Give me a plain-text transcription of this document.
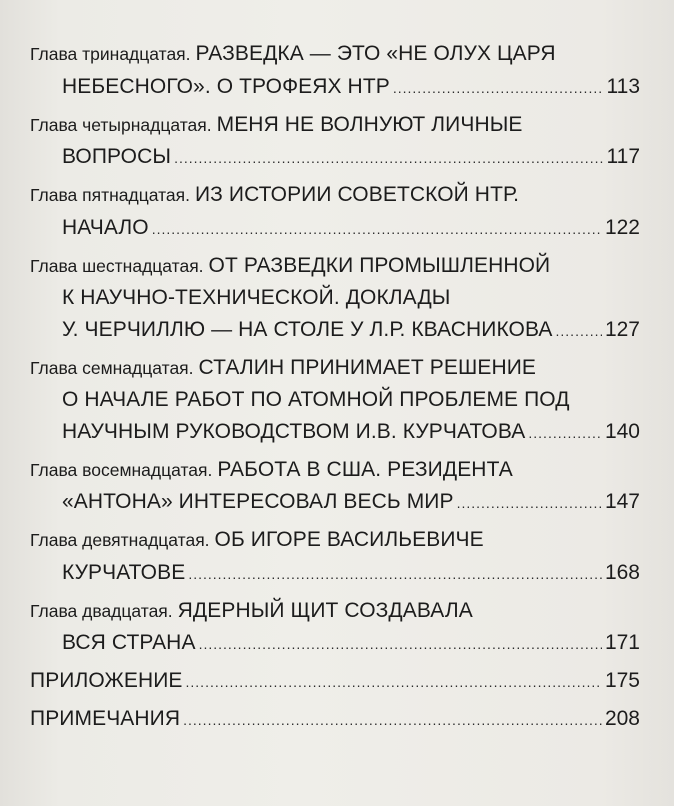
Глава тринадцатая. РАЗВЕДКА — ЭТО «НЕ ОЛУХ ЦАРЯ
НЕБЕСНОГО». О ТРОФЕЯХ НТР .....	113
Глава четырнадцатая. МЕНЯ НЕ ВОЛНУЮТ ЛИЧНЫЕ
ВОПРОСЫ .....	117
Глава пятнадцатая. ИЗ ИСТОРИИ СОВЕТСКОЙ НТР.
НАЧАЛО .....	122
Глава шестнадцатая. ОТ РАЗВЕДКИ ПРОМЫШЛЕННОЙ
К НАУЧНО-ТЕХНИЧЕСКОЙ. ДОКЛАДЫ
У. ЧЕРЧИЛЛЮ — НА СТОЛЕ У Л.Р. КВАСНИКОВА ..... 127
Глава семнадцатая. СТАЛИН ПРИНИМАЕТ РЕШЕНИЕ
О НАЧАЛЕ РАБОТ ПО АТОМНОЙ ПРОБЛЕМЕ ПОД
НАУЧНЫМ РУКОВОДСТВОМ И.В. КУРЧАТОВА .....	140
Глава восемнадцатая. РАБОТА В США. РЕЗИДЕНТА
«АНТОНА» ИНТЕРЕСОВАЛ ВЕСЬ МИР .....	147
Глава девятнадцатая. ОБ ИГОРЕ ВАСИЛЬЕВИЧЕ
КУРЧАТОВЕ .....	168
Глава двадцатая. ЯДЕРНЫЙ ЩИТ СОЗДАВАЛА
ВСЯ СТРАНА .....	171
ПРИЛОЖЕНИЕ .....	175
ПРИМЕЧАНИЯ .....	208
